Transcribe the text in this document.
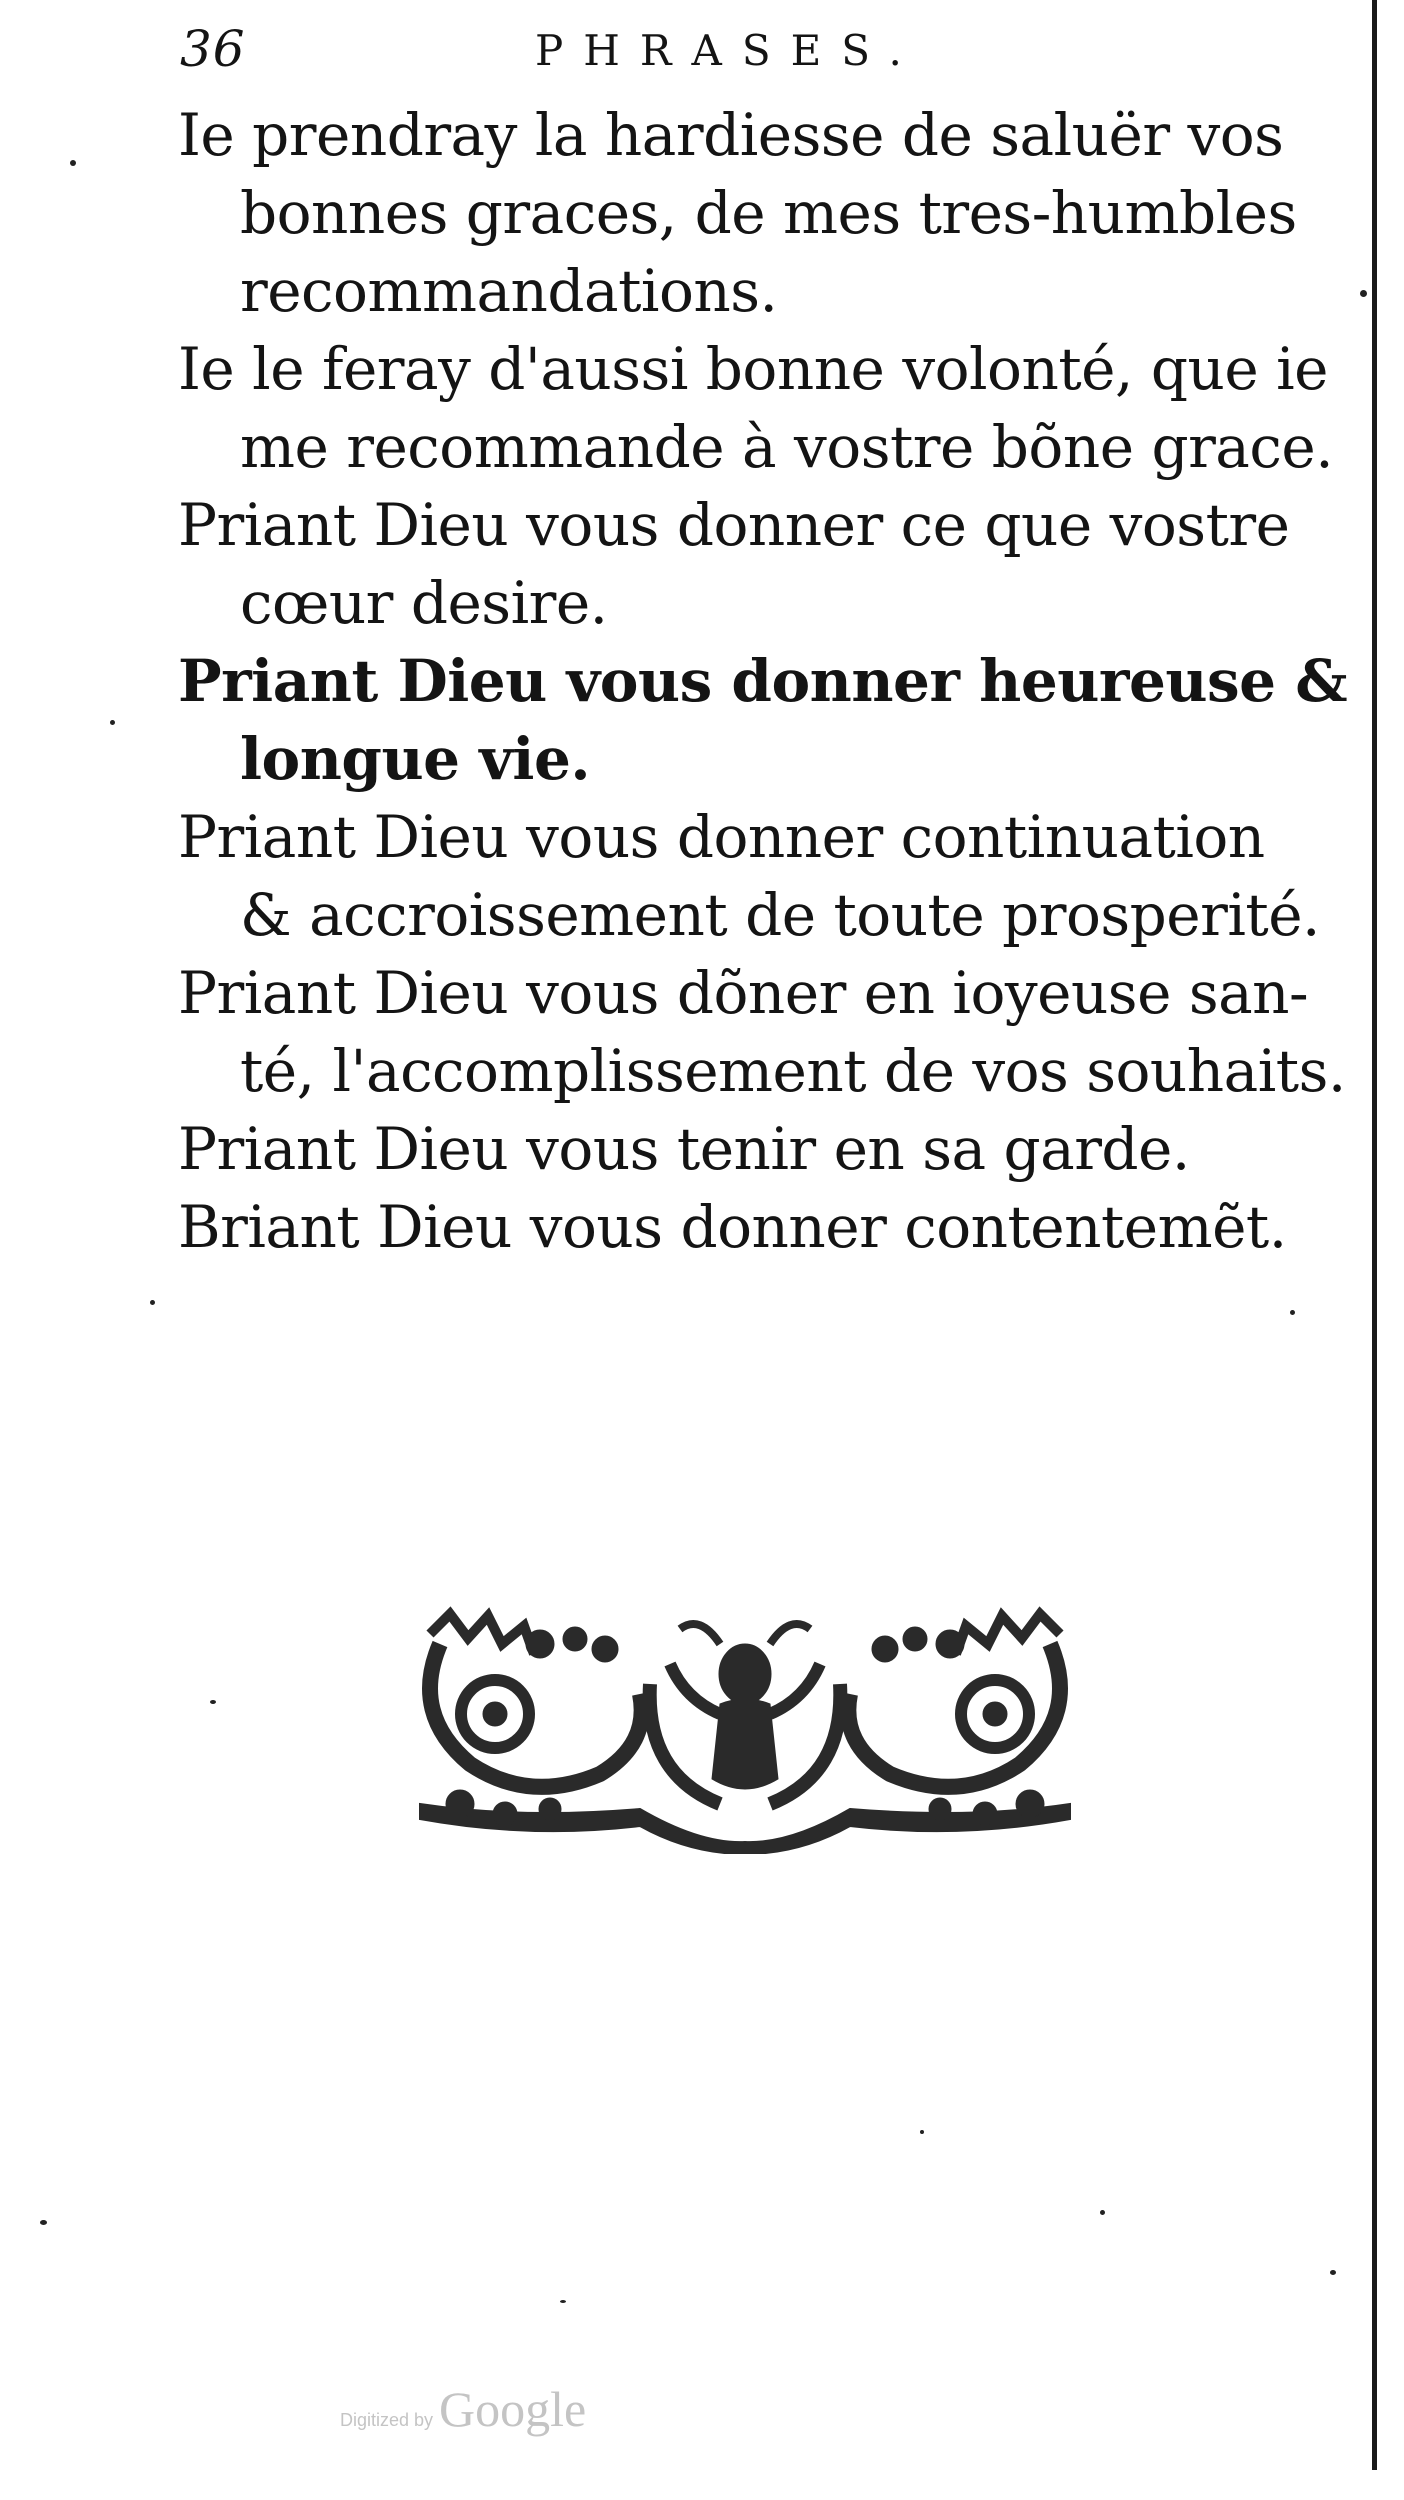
36	PHRASES.
Ie prendray la hardiesse de saluër vos
bonnes graces, de mes tres-humbles
recommandations.
Ie le feray d'aussi bonne volonté, que ie
me recommande à vostre bõne grace.
Priant Dieu vous donner ce que vostre
cœur desire.
Priant Dieu vous donner heureuse &
longue vie.
Priant Dieu vous donner continuation
& accroissement de toute prosperité.
Priant Dieu vous dõner en ioyeuse san-
té, l'accomplissement de vos souhaits.
Priant Dieu vous tenir en sa garde.
Briant Dieu vous donner contentemẽt.
Digitized by Google
